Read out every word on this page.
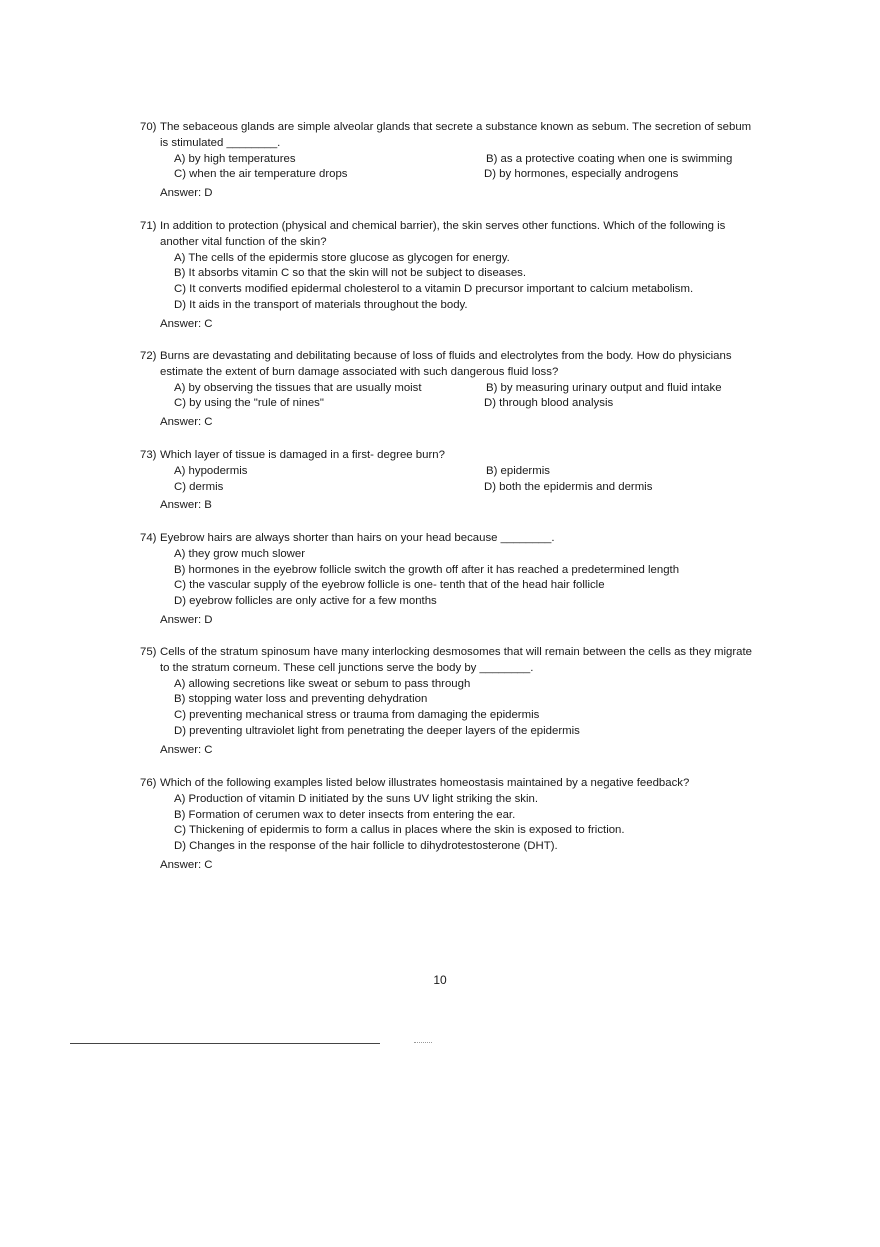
70) The sebaceous glands are simple alveolar glands that secrete a substance known as sebum. The secretion of sebum is stimulated ________.
A) by high temperatures	B) as a protective coating when one is swimming
C) when the air temperature drops	D) by hormones, especially androgens
Answer: D
71) In addition to protection (physical and chemical barrier), the skin serves other functions. Which of the following is another vital function of the skin?
A) The cells of the epidermis store glucose as glycogen for energy.
B) It absorbs vitamin C so that the skin will not be subject to diseases.
C) It converts modified epidermal cholesterol to a vitamin D precursor important to calcium metabolism.
D) It aids in the transport of materials throughout the body.
Answer: C
72) Burns are devastating and debilitating because of loss of fluids and electrolytes from the body. How do physicians estimate the extent of burn damage associated with such dangerous fluid loss?
A) by observing the tissues that are usually moist	B) by measuring urinary output and fluid intake
C) by using the "rule of nines"	D) through blood analysis
Answer: C
73) Which layer of tissue is damaged in a first- degree burn?
A) hypodermis	B) epidermis
C) dermis	D) both the epidermis and dermis
Answer: B
74) Eyebrow hairs are always shorter than hairs on your head because ________.
A) they grow much slower
B) hormones in the eyebrow follicle switch the growth off after it has reached a predetermined length
C) the vascular supply of the eyebrow follicle is one- tenth that of the head hair follicle
D) eyebrow follicles are only active for a few months
Answer: D
75) Cells of the stratum spinosum have many interlocking desmosomes that will remain between the cells as they migrate to the stratum corneum. These cell junctions serve the body by ________.
A) allowing secretions like sweat or sebum to pass through
B) stopping water loss and preventing dehydration
C) preventing mechanical stress or trauma from damaging the epidermis
D) preventing ultraviolet light from penetrating the deeper layers of the epidermis
Answer: C
76) Which of the following examples listed below illustrates homeostasis maintained by a negative feedback?
A) Production of vitamin D initiated by the suns UV light striking the skin.
B) Formation of cerumen wax to deter insects from entering the ear.
C) Thickening of epidermis to form a callus in places where the skin is exposed to friction.
D) Changes in the response of the hair follicle to dihydrotestosterone (DHT).
Answer: C
10
